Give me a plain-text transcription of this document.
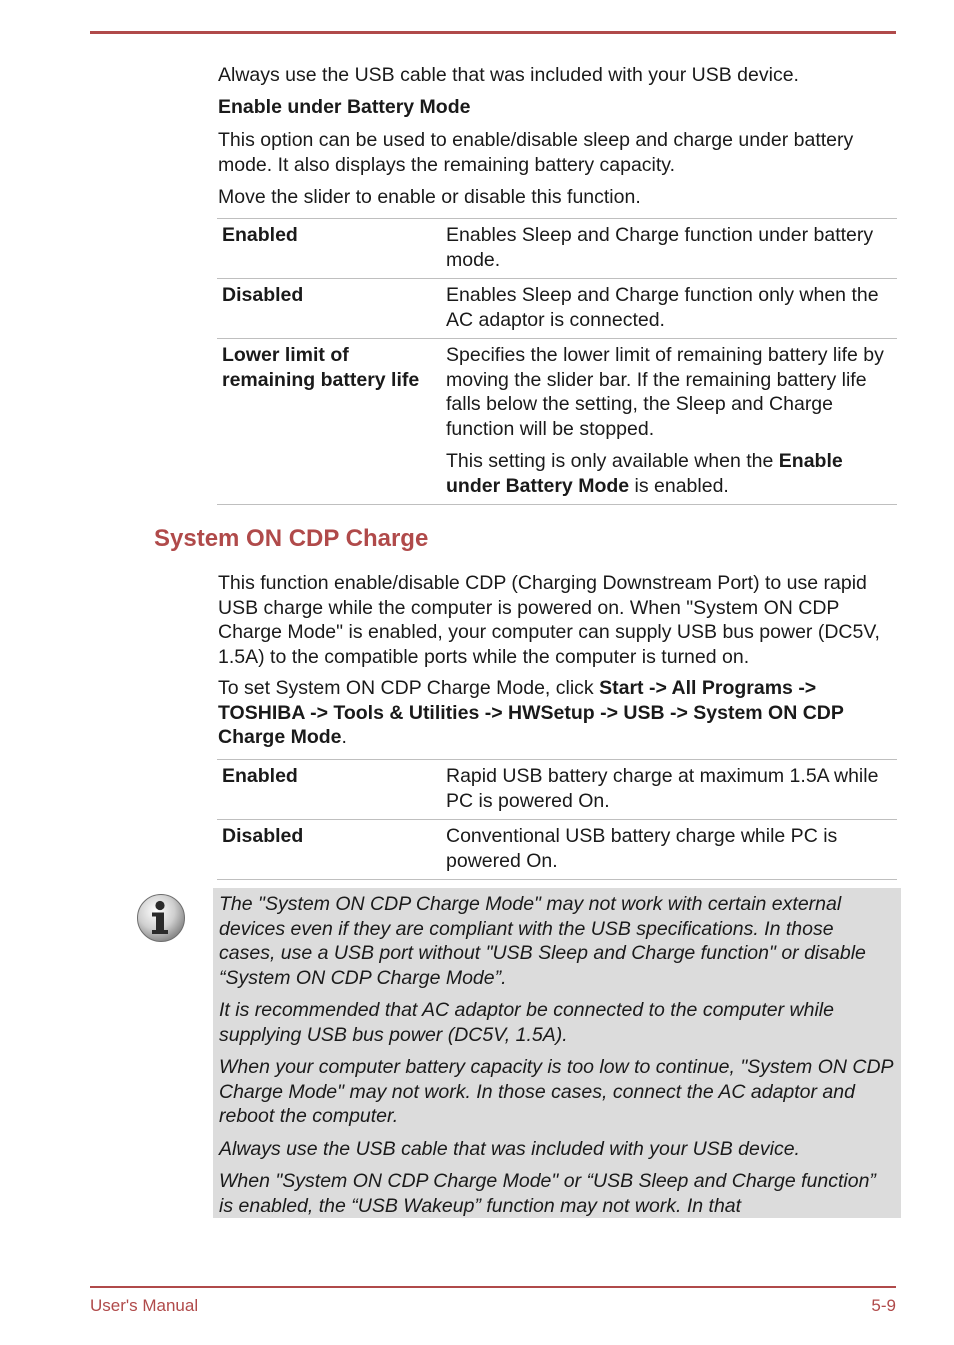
Always use the USB cable that was included with your USB device.

Enable under Battery Mode

This option can be used to enable/disable sleep and charge under battery mode. It also displays the remaining battery capacity.

Move the slider to enable or disable this function.

Enabled	Enables Sleep and Charge function under battery mode.
Disabled	Enables Sleep and Charge function only when the AC adaptor is connected.
Lower limit of remaining battery life	Specifies the lower limit of remaining battery life by moving the slider bar. If the remaining battery life falls below the setting, the Sleep and Charge function will be stopped.

This setting is only available when the Enable under Battery Mode is enabled.

System ON CDP Charge

This function enable/disable CDP (Charging Downstream Port) to use rapid USB charge while the computer is powered on. When "System ON CDP Charge Mode" is enabled, your computer can supply USB bus power (DC5V, 1.5A) to the compatible ports while the computer is turned on.

To set System ON CDP Charge Mode, click Start -> All Programs -> TOSHIBA -> Tools & Utilities -> HWSetup -> USB -> System ON CDP Charge Mode.

Enabled	Rapid USB battery charge at maximum 1.5A while PC is powered On.
Disabled	Conventional USB battery charge while PC is powered On.

The "System ON CDP Charge Mode" may not work with certain external devices even if they are compliant with the USB specifications. In those cases, use a USB port without "USB Sleep and Charge function" or disable “System ON CDP Charge Mode”.

It is recommended that AC adaptor be connected to the computer while supplying USB bus power (DC5V, 1.5A).

When your computer battery capacity is too low to continue, "System ON CDP Charge Mode" may not work. In those cases, connect the AC adaptor and reboot the computer.

Always use the USB cable that was included with your USB device.

When "System ON CDP Charge Mode" or “USB Sleep and Charge function” is enabled, the “USB Wakeup” function may not work. In that

User's Manual	5-9
